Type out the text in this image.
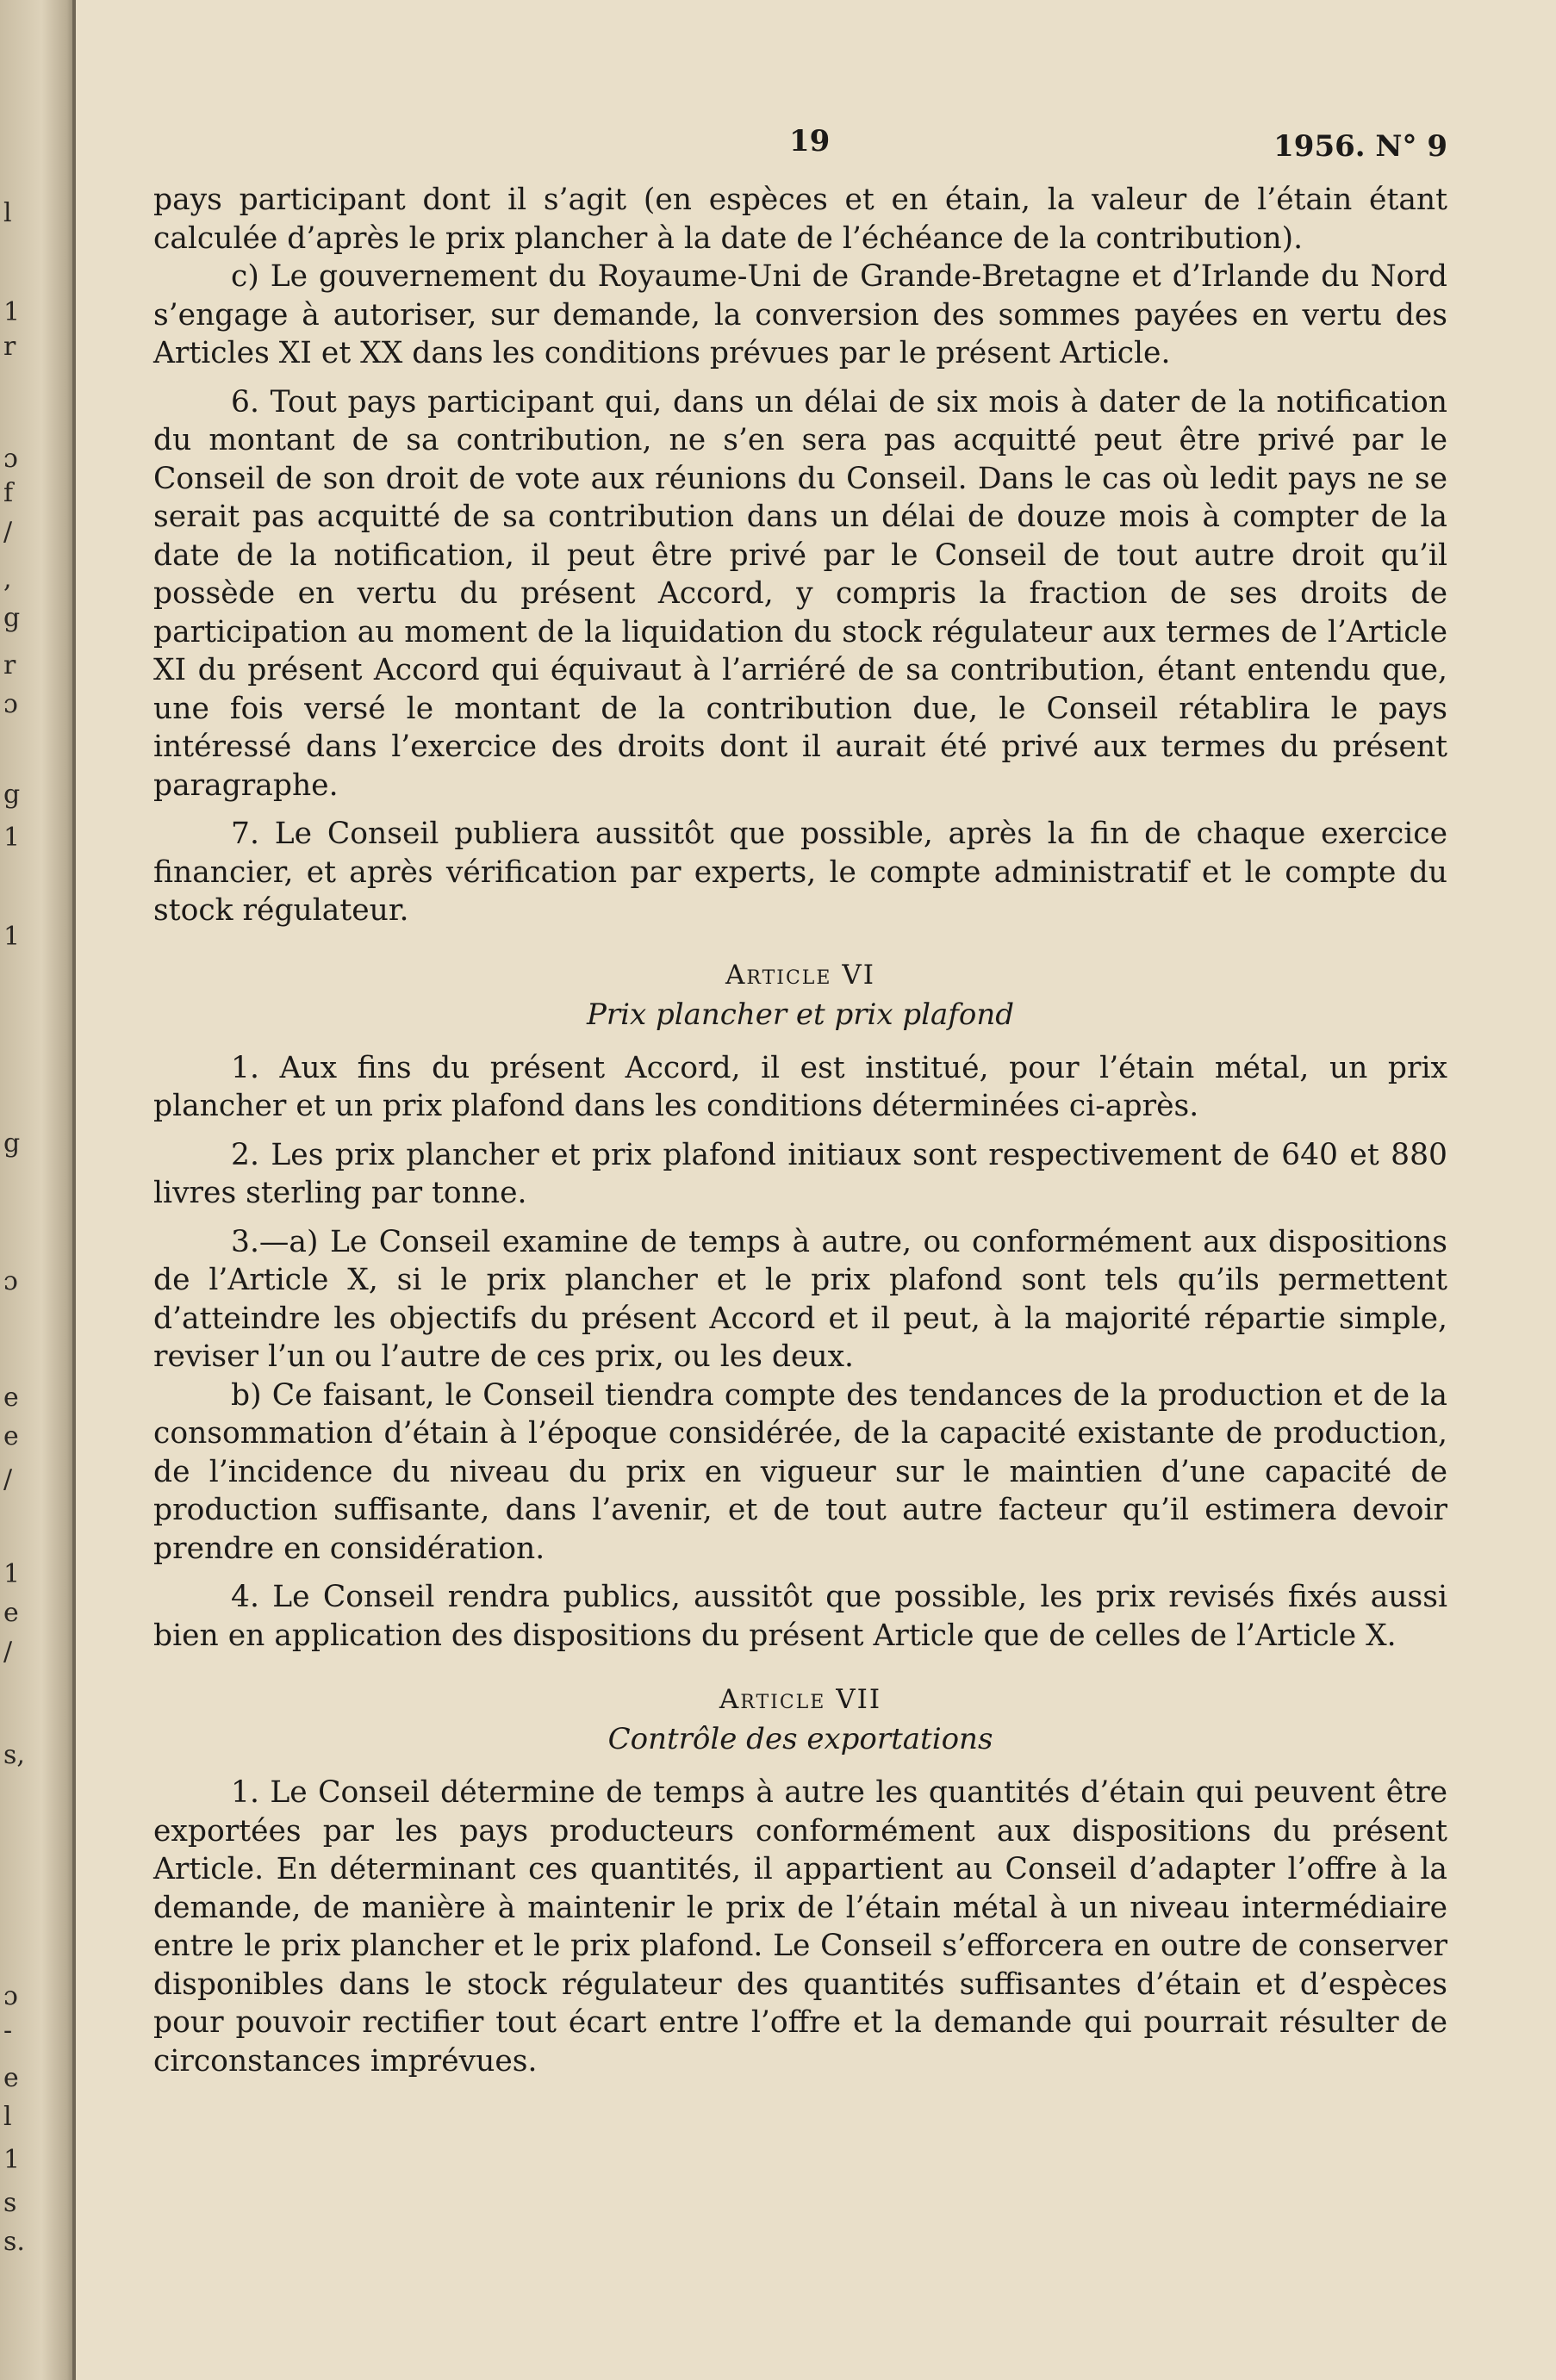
l
1
r
ɔ
f
/
,
g
r
ɔ
g
1
1
g
ɔ
e
e
/
1
e
/
s,
ɔ
-
e
l
1
s
s.
19	1956. N° 9

pays participant dont il s’agit (en espèces et en étain, la valeur de l’étain étant calculée d’après le prix plancher à la date de l’échéance de la contribution).

c) Le gouvernement du Royaume-Uni de Grande-Bretagne et d’Irlande du Nord s’engage à autoriser, sur demande, la conversion des sommes payées en vertu des Articles XI et XX dans les conditions prévues par le présent Article.

6. Tout pays participant qui, dans un délai de six mois à dater de la notification du montant de sa contribution, ne s’en sera pas acquitté peut être privé par le Conseil de son droit de vote aux réunions du Conseil. Dans le cas où ledit pays ne se serait pas acquitté de sa contribution dans un délai de douze mois à compter de la date de la notification, il peut être privé par le Conseil de tout autre droit qu’il possède en vertu du présent Accord, y compris la fraction de ses droits de participation au moment de la liquidation du stock régulateur aux termes de l’Article XI du présent Accord qui équivaut à l’arriéré de sa contribution, étant entendu que, une fois versé le montant de la contribution due, le Conseil rétablira le pays intéressé dans l’exercice des droits dont il aurait été privé aux termes du présent paragraphe.

7. Le Conseil publiera aussitôt que possible, après la fin de chaque exercice financier, et après vérification par experts, le compte administratif et le compte du stock régulateur.

Article VI
Prix plancher et prix plafond

1. Aux fins du présent Accord, il est institué, pour l’étain métal, un prix plancher et un prix plafond dans les conditions déterminées ci-après.

2. Les prix plancher et prix plafond initiaux sont respectivement de 640 et 880 livres sterling par tonne.

3.—a) Le Conseil examine de temps à autre, ou conformément aux dispositions de l’Article X, si le prix plancher et le prix plafond sont tels qu’ils permettent d’atteindre les objectifs du présent Accord et il peut, à la majorité répartie simple, reviser l’un ou l’autre de ces prix, ou les deux.

b) Ce faisant, le Conseil tiendra compte des tendances de la production et de la consommation d’étain à l’époque considérée, de la capacité existante de production, de l’incidence du niveau du prix en vigueur sur le maintien d’une capacité de production suffisante, dans l’avenir, et de tout autre facteur qu’il estimera devoir prendre en considération.

4. Le Conseil rendra publics, aussitôt que possible, les prix revisés fixés aussi bien en application des dispositions du présent Article que de celles de l’Article X.

Article VII
Contrôle des exportations

1. Le Conseil détermine de temps à autre les quantités d’étain qui peuvent être exportées par les pays producteurs conformément aux dispositions du présent Article. En déterminant ces quantités, il appartient au Conseil d’adapter l’offre à la demande, de manière à maintenir le prix de l’étain métal à un niveau intermédiaire entre le prix plancher et le prix plafond. Le Conseil s’efforcera en outre de conserver disponibles dans le stock régulateur des quantités suffisantes d’étain et d’espèces pour pouvoir rectifier tout écart entre l’offre et la demande qui pourrait résulter de circonstances imprévues.
